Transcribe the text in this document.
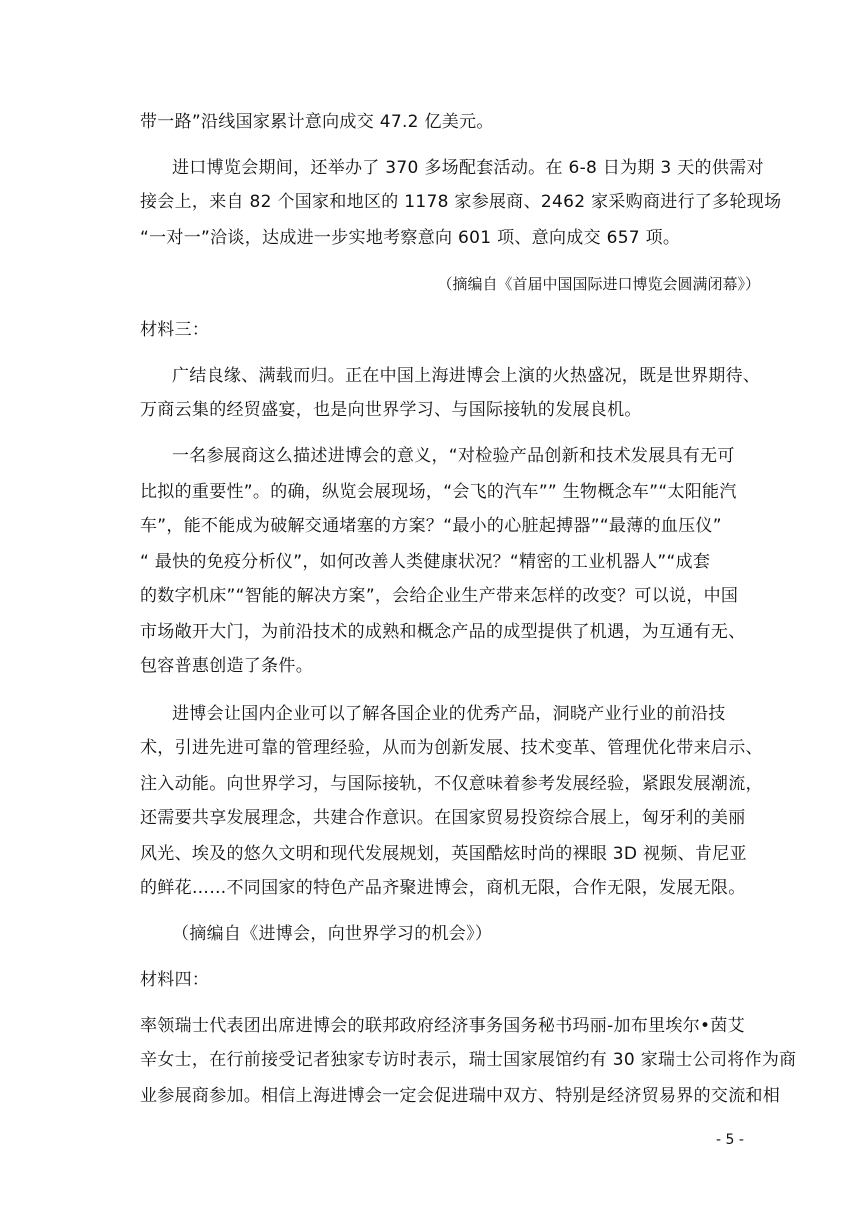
带一路”沿线国家累计意向成交 47.2 亿美元。
进口博览会期间，还举办了 370 多场配套活动。在 6-8 日为期 3 天的供需对
接会上，来自 82 个国家和地区的 1178 家参展商、2462 家采购商进行了多轮现场
“一对一”洽谈，达成进一步实地考察意向 601 项、意向成交 657 项。
（摘编自《首届中国国际进口博览会圆满闭幕》）
材料三：
广结良缘、满载而归。正在中国上海进博会上演的火热盛况，既是世界期待、
万商云集的经贸盛宴，也是向世界学习、与国际接轨的发展良机。
一名参展商这么描述进博会的意义，“对检验产品创新和技术发展具有无可
比拟的重要性”。的确，纵览会展现场，“会飞的汽车”” 生物概念车”“太阳能汽
车”，能不能成为破解交通堵塞的方案？“最小的心脏起搏器”“最薄的血压仪”
“ 最快的免疫分析仪”，如何改善人类健康状况？“精密的工业机器人”“成套
的数字机床”“智能的解决方案”，会给企业生产带来怎样的改变？可以说，中国
市场敞开大门，为前沿技术的成熟和概念产品的成型提供了机遇，为互通有无、
包容普惠创造了条件。
进博会让国内企业可以了解各国企业的优秀产品，洞晓产业行业的前沿技
术，引进先进可靠的管理经验，从而为创新发展、技术变革、管理优化带来启示、
注入动能。向世界学习，与国际接轨，不仅意味着参考发展经验，紧跟发展潮流，
还需要共享发展理念，共建合作意识。在国家贸易投资综合展上，匈牙利的美丽
风光、埃及的悠久文明和现代发展规划，英国酷炫时尚的裸眼 3D 视频、肯尼亚
的鲜花……不同国家的特色产品齐聚进博会，商机无限，合作无限，发展无限。
（摘编自《进博会，向世界学习的机会》）
材料四：
率领瑞士代表团出席进博会的联邦政府经济事务国务秘书玛丽-加布里埃尔•茵艾
辛女士，在行前接受记者独家专访时表示，瑞士国家展馆约有 30 家瑞士公司将作为商
业参展商参加。相信上海进博会一定会促进瑞中双方、特别是经济贸易界的交流和相
- 5 -
